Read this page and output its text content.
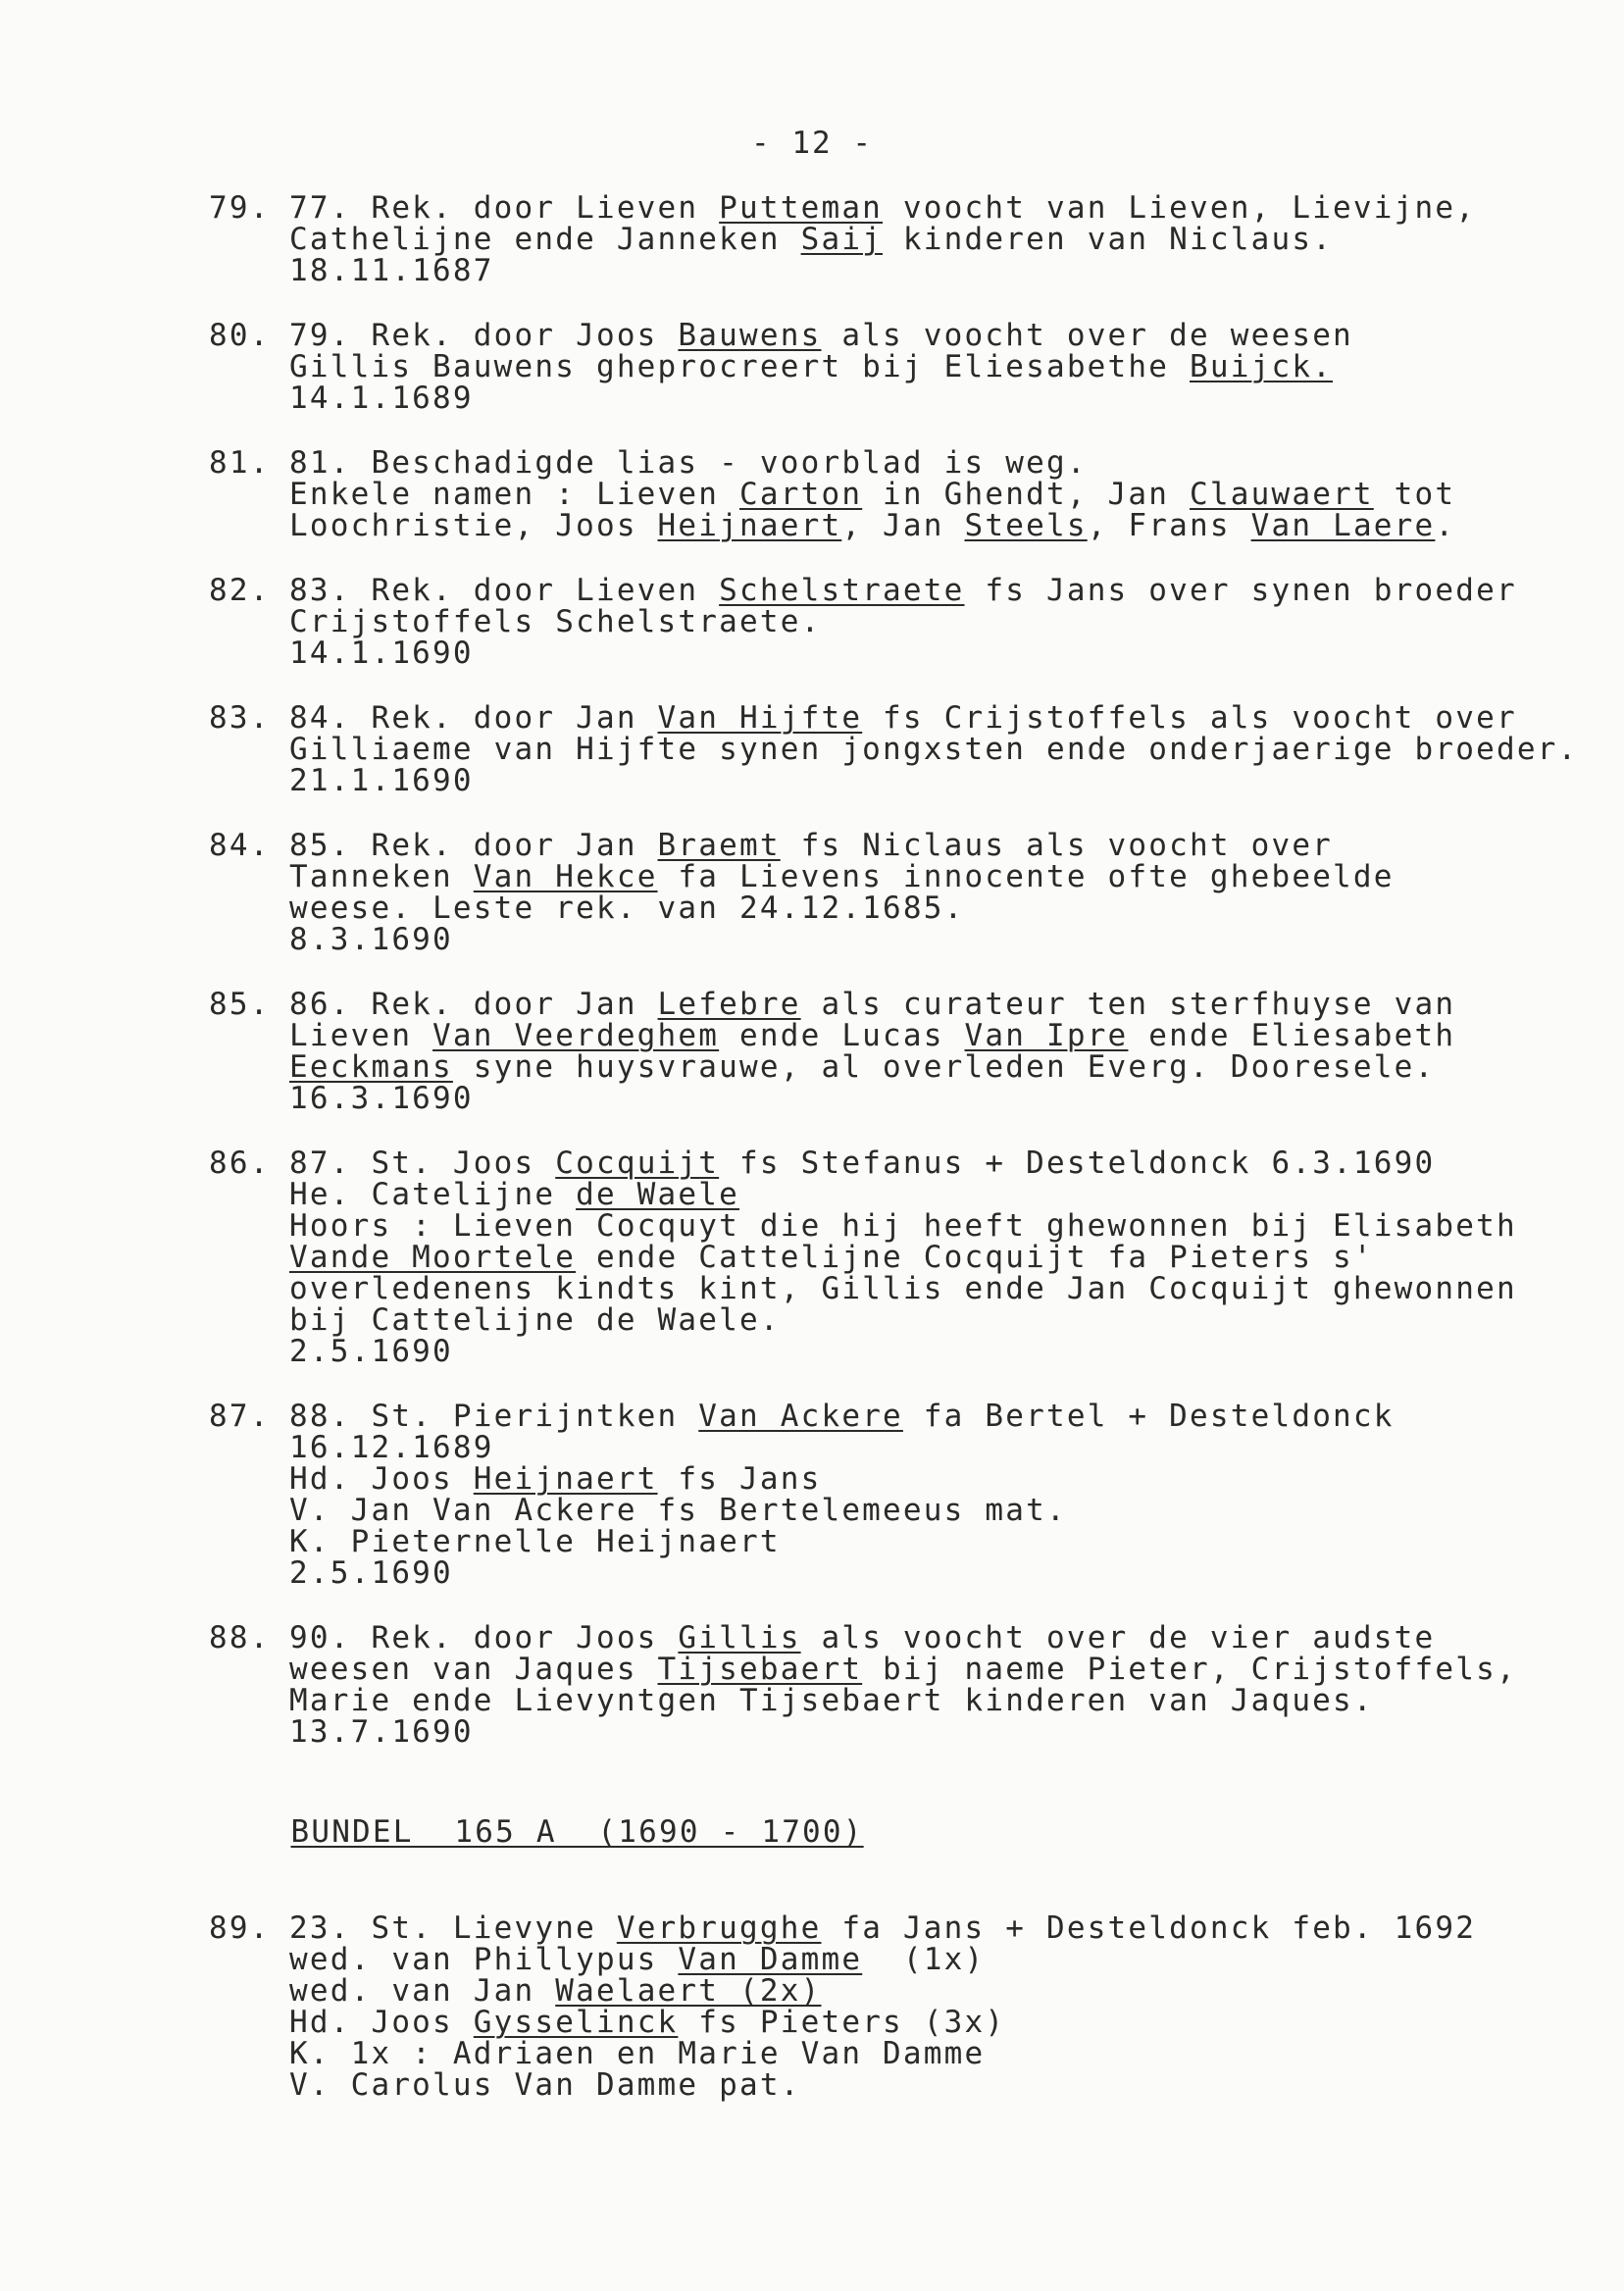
- 12 -
79. 77. Rek. door Lieven Putteman voocht van Lieven, Lievijne,
Cathelijne ende Janneken Saij kinderen van Niclaus.
18.11.1687
80. 79. Rek. door Joos Bauwens als voocht over de weesen
Gillis Bauwens gheprocreert bij Eliesabethe Buijck.
14.1.1689
81. 81. Beschadigde lias - voorblad is weg.
Enkele namen : Lieven Carton in Ghendt, Jan Clauwaert tot
Loochristie, Joos Heijnaert, Jan Steels, Frans Van Laere.
82. 83. Rek. door Lieven Schelstraete fs Jans over synen broeder
Crijstoffels Schelstraete.
14.1.1690
83. 84. Rek. door Jan Van Hijfte fs Crijstoffels als voocht over
Gilliaeme van Hijfte synen jongxsten ende onderjaerige broeder.
21.1.1690
84. 85. Rek. door Jan Braemt fs Niclaus als voocht over
Tanneken Van Hekce fa Lievens innocente ofte ghebeelde
weese. Leste rek. van 24.12.1685.
8.3.1690
85. 86. Rek. door Jan Lefebre als curateur ten sterfhuyse van
Lieven Van Veerdeghem ende Lucas Van Ipre ende Eliesabeth
Eeckmans syne huysvrauwe, al overleden Everg. Dooresele.
16.3.1690
86. 87. St. Joos Cocquijt fs Stefanus + Desteldonck 6.3.1690
He. Catelijne de Waele
Hoors : Lieven Cocquyt die hij heeft ghewonnen bij Elisabeth
Vande Moortele ende Cattelijne Cocquijt fa Pieters s'
overledenens kindts kint, Gillis ende Jan Cocquijt ghewonnen
bij Cattelijne de Waele.
2.5.1690
87. 88. St. Pierijntken Van Ackere fa Bertel + Desteldonck
16.12.1689
Hd. Joos Heijnaert fs Jans
V. Jan Van Ackere fs Bertelemeeus mat.
K. Pieternelle Heijnaert
2.5.1690
88. 90. Rek. door Joos Gillis als voocht over de vier audste
weesen van Jaques Tijsebaert bij naeme Pieter, Crijstoffels,
Marie ende Lievyntgen Tijsebaert kinderen van Jaques.
13.7.1690

BUNDEL  165 A  (1690 - 1700)

89. 23. St. Lievyne Verbrugghe fa Jans + Desteldonck feb. 1692
wed. van Phillypus Van Damme  (1x)
wed. van Jan Waelaert (2x)
Hd. Joos Gysselinck fs Pieters (3x)
K. 1x : Adriaen en Marie Van Damme
V. Carolus Van Damme pat.
